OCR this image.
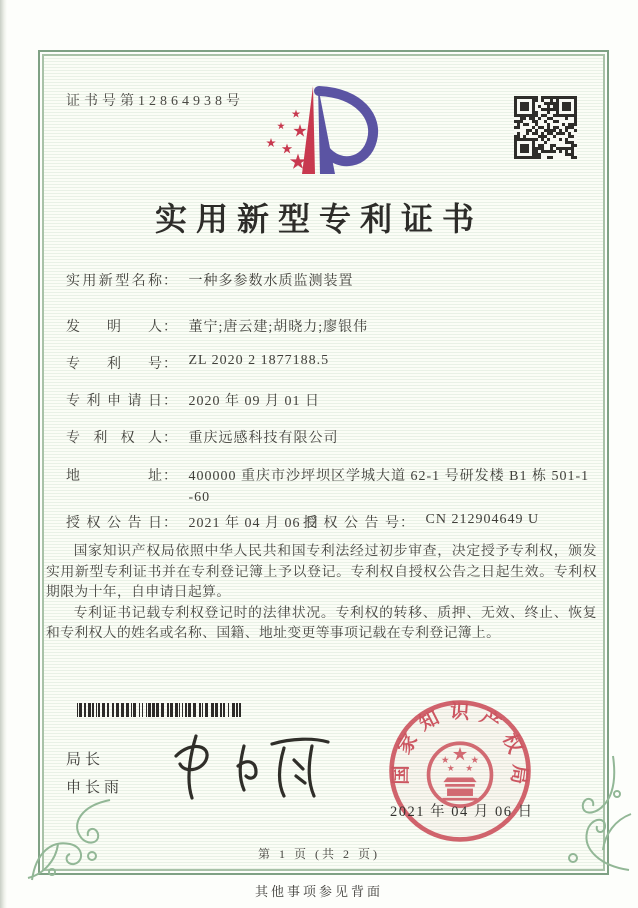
证书号第12864938号
实用新型专利证书
实用新型名称： 一种多参数水质监测装置
发明人： 董宁;唐云建;胡晓力;廖银伟
专利号： ZL 2020 2 1877188.5
专利申请日： 2020 年 09 月 01 日
专利权人： 重庆远感科技有限公司
地址： 400000 重庆市沙坪坝区学城大道 62-1 号研发楼 B1 栋 501-1
-60
授权公告日： 2021 年 04 月 06 日
授权公告号： CN 212904649 U

国家知识产权局依照中华人民共和国专利法经过初步审查，决定授予专利权，颁发实用新型专利证书并在专利登记簿上予以登记。专利权自授权公告之日起生效。专利权期限为十年，自申请日起算。

专利证书记载专利权登记时的法律状况。专利权的转移、质押、无效、终止、恢复和专利权人的姓名或名称、国籍、地址变更等事项记载在专利登记簿上。

局长
申长雨
国家知识产权局
2021 年 04 月 06 日
第 1 页 (共 2 页)
其他事项参见背面
